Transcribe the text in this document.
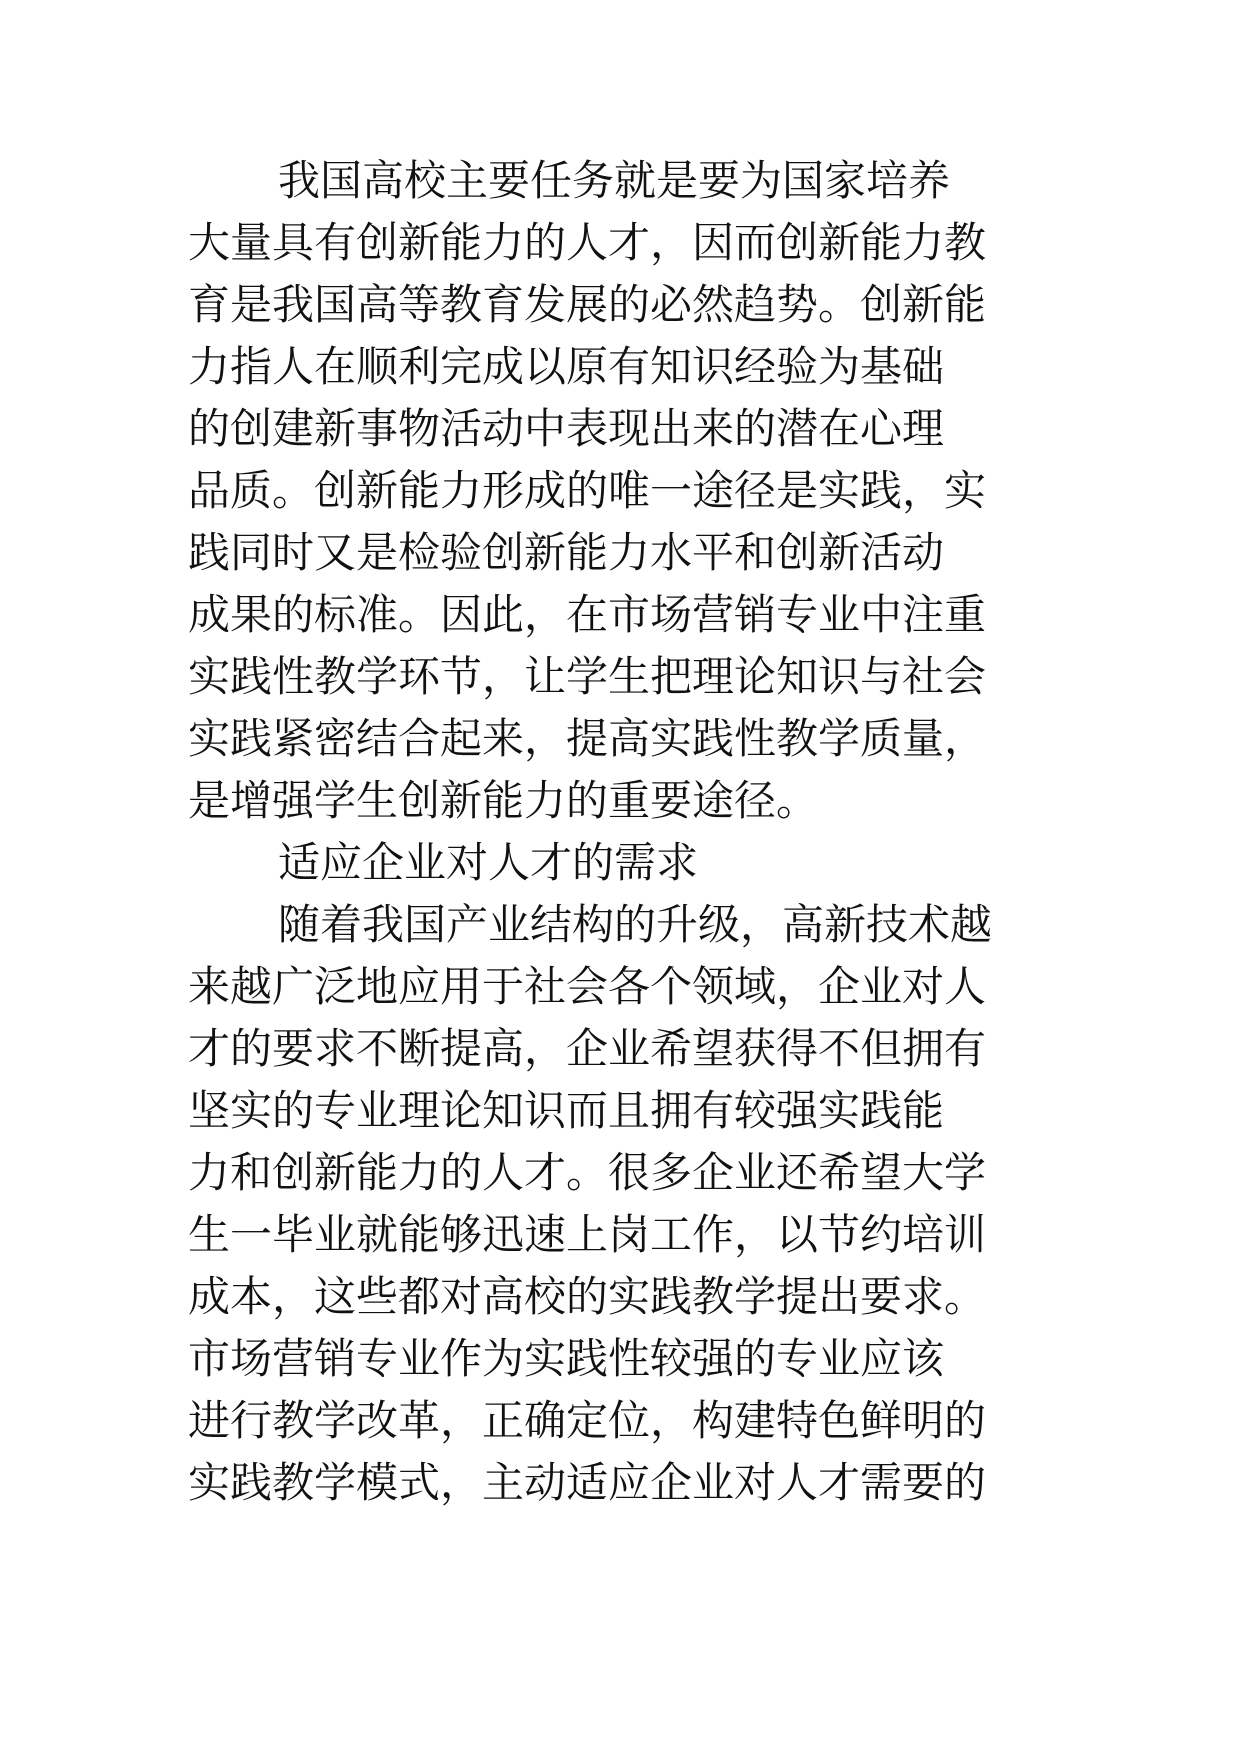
我国高校主要任务就是要为国家培养
大量具有创新能力的人才，因而创新能力教
育是我国高等教育发展的必然趋势。创新能
力指人在顺利完成以原有知识经验为基础
的创建新事物活动中表现出来的潜在心理
品质。创新能力形成的唯一途径是实践，实
践同时又是检验创新能力水平和创新活动
成果的标准。因此，在市场营销专业中注重
实践性教学环节，让学生把理论知识与社会
实践紧密结合起来，提高实践性教学质量，
是增强学生创新能力的重要途径。
适应企业对人才的需求
随着我国产业结构的升级，高新技术越
来越广泛地应用于社会各个领域，企业对人
才的要求不断提高，企业希望获得不但拥有
坚实的专业理论知识而且拥有较强实践能
力和创新能力的人才。很多企业还希望大学
生一毕业就能够迅速上岗工作，以节约培训
成本，这些都对高校的实践教学提出要求。
市场营销专业作为实践性较强的专业应该
进行教学改革，正确定位，构建特色鲜明的
实践教学模式，主动适应企业对人才需要的
